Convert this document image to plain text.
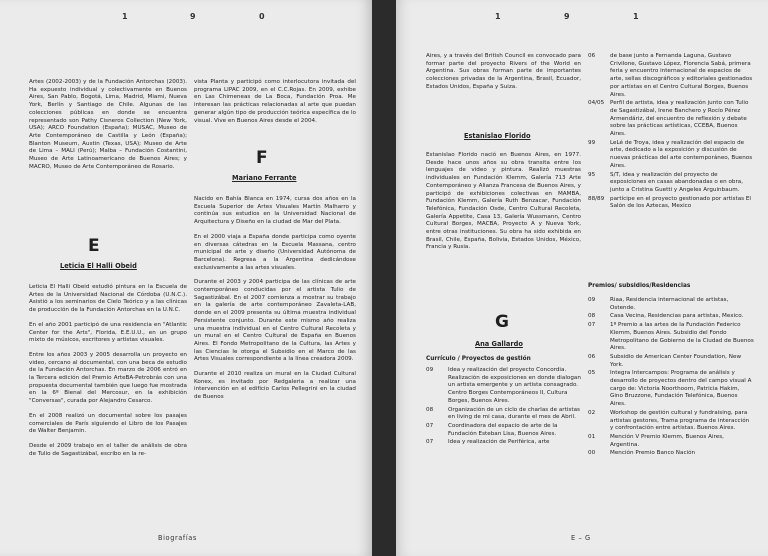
1	9	0

Artes (2002-2003) y de la Fundación Antorchas (2003). Ha expuesto individual y colectivamente en Buenos Aires, San Pablo, Bogotá, Lima, Madrid, Miami, Nueva York, Berlín y Santiago de Chile. Algunas de las colecciones públicas en donde se encuentra representado son Pathy Cisneros Collection (New York, USA); ARCO Foundation (España); MUSAC, Museo de Arte Contemporáneo de Castilla y León (España); Blanton Museum, Austin (Texas, USA); Museo de Arte de Lima – MALI (Perú); Malba – Fundación Costantini, Museo de Arte Latinoamericano de Buenos Aires; y MACRO, Museo de Arte Contemporáneo de Rosario.

E
Leticia El Halli Obeid

Leticia El Halli Obeid estudió pintura en la Escuela de Artes de la Universidad Nacional de Córdoba (U.N.C.). Asistió a los seminarios de Cielo Teórico y a las clínicas de producción de la Fundación Antorchas en la U.N.C.

En el año 2001 participó de una residencia en "Atlantic Center for the Arts", Florida, E.E.U.U., en un grupo mixto de músicos, escritores y artistas visuales.

Entre los años 2003 y 2005 desarrolla un proyecto en video, cercano al documental, con una beca de estudio de la Fundación Antorchas. En marzo de 2006 entró en la Tercera edición del Premio ArteBA-Petrobrás con una propuesta documental también que luego fue mostrada en la 6º Bienal del Mercosur, en la exhibición "Conversas", curada por Alejandro Cesarco.

En el 2008 realizó un documental sobre los pasajes comerciales de París siguiendo el Libro de los Pasajes de Walter Benjamin.

Desde el 2009 trabajo en el taller de análisis de obra de Tulio de Sagastizábal, escribo en la re-

vista Planta y participó como interlocutora invitada del programa LIPAC 2009, en el C.C.Rojas. En 2009, exhibe en Las Chimeneas de La Boca, Fundación Proa. Me interesan las prácticas relacionadas al arte que puedan generar algún tipo de producción teórica específica de lo visual. Vive en Buenos Aires desde el 2004.

F
Mariano Ferrante

Nacido en Bahía Blanca en 1974, cursa dos años en la Escuela Superior de Artes Visuales Martín Malharro y continúa sus estudios en la Universidad Nacional de Arquitectura y Diseño en la ciudad de Mar del Plata.

En el 2000 viaja a España donde participa como oyente en diversas cátedras en la Escuela Massana, centro municipal de arte y diseño (Universidad Autónoma de Barcelona). Regresa a la Argentina dedicándose exclusivamente a las artes visuales.

Durante el 2003 y 2004 participa de las clínicas de arte contemporáneo conducidas por el artista Tulio de Sagastizábal. En el 2007 comienza a mostrar su trabajo en la galería de arte contemporáneo Zavaleta-LAB, donde en el 2009 presenta su última muestra individual Persistente conjunto. Durante este mismo año realiza una muestra individual en el Centro Cultural Recoleta y un mural en el Centro Cultural de España en Buenos Aires. El Fondo Metropolitano de la Cultura, las Artes y las Ciencias le otorga el Subsidio en el Marco de las Artes Visuales correspondiente a la línea creadora 2009.

Durante el 2010 realiza un mural en la Ciudad Cultural Konex, es invitado por Redgaleria a realizar una intervención en el edificio Carlos Pellegrini en la ciudad de Buenos

Biografías
1	9	1

Aires, y a través del British Council es convocado para formar parte del proyecto Rivers of the World en Argentina. Sus obras forman parte de importantes colecciones privadas de la Argentina, Brasil, Ecuador, Estados Unidos, España y Suiza.

Estanislao Florido

Estanislao Florido nació en Buenos Aires, en 1977. Desde hace unos años su obra transita entre los lenguajes de video y pintura. Realizó muestras individuales en Fundación Klemm, Galería 713 Arte Contemporáneo y Alianza Francesa de Buenos Aires, y participó de exhibiciones colectivas en MAMBA, Fundación Klemm, Galería Ruth Benzacar, Fundación Telefónica, Fundación Osde, Centro Cultural Recoleta, Galería Appetite, Casa 13, Galería Wussmann, Centro Cultural Borges, MACBA, Proyecto A y Nueva York, entre otras instituciones. Su obra ha sido exhibida en Brasil, Chile, España, Bolivia, Estados Unidos, México, Francia y Rusia.

G
Ana Gallardo
Currículo / Proyectos de gestión
09	Idea y realización del proyecto Concordia. Realización de exposiciones en donde dialogan un artista emergente y un artista consagrado. Centro Borges Contemporáneos II, Cultura Borges, Buenos Aires.
08	Organización de un ciclo de charlas de artistas en living de mi casa, durante el mes de Abril.
07	Coordinadora del espacio de arte de la Fundación Esteban Lisa, Buenos Aires.
07	Idea y realización de Periférica, arte
06	de base junto a Fernanda Laguna, Gustavo Crivilone, Gustavo López, Florencia Sabá, primera feria y encuentro internacional de espacios de arte, sellas discográficos y editoriales gestionados por artistas en el Centro Cultural Borges, Buenos Aires.
04/05	Perfil de artista, idea y realización junto con Tulio de Sagastizábal, Irene Banchero y Rocío Pérez Armendáriz, del encuentro de reflexión y debate sobre las prácticas artísticas, CCEBA, Buenos Aires.
99	LeLé de Troya, idea y realización del espacio de arte, dedicado a la exposición y discusión de nuevas prácticas del arte contemporáneo, Buenos Aires.
95	S/T, idea y realización del proyecto de exposiciones en casas abandonadas o en obra, junto a Cristina Guetti y Angeles Arguinbaum.
88/89	partícipe en el proyecto gestionado por artistas El Salón de los Aztecas, Mexico
Premios/ subsidios/Residencias
09	Riaa, Residencia internacional de artistas, Ostende.
08	Casa Vecina, Residencias para artistas, Mexico.
07	1º Premio a las artes de la Fundación Federico Klemm, Buenos Aires. Subsidio del Fondo Metropolitano de Gobierno de la Ciudad de Buenos Aires.
06	Subsidio de American Center Foundation, New York.
05	Integra Intercampos: Programa de análisis y desarrollo de proyectos dentro del campo visual A cargo de: Victoria Noorthoorn, Patricia Hakim, Gino Bruzzone, Fundación Telefónica, Buenos Aires.
02	Workshop de gestión cultural y fundraising, para artistas gestores, Trama programa de interacción y confrontación entre artistas. Buenos Aires.
01	Mención V Premio Klemm, Buenos Aires, Argentina.
00	Mención Premio Banco Nación
E – G
